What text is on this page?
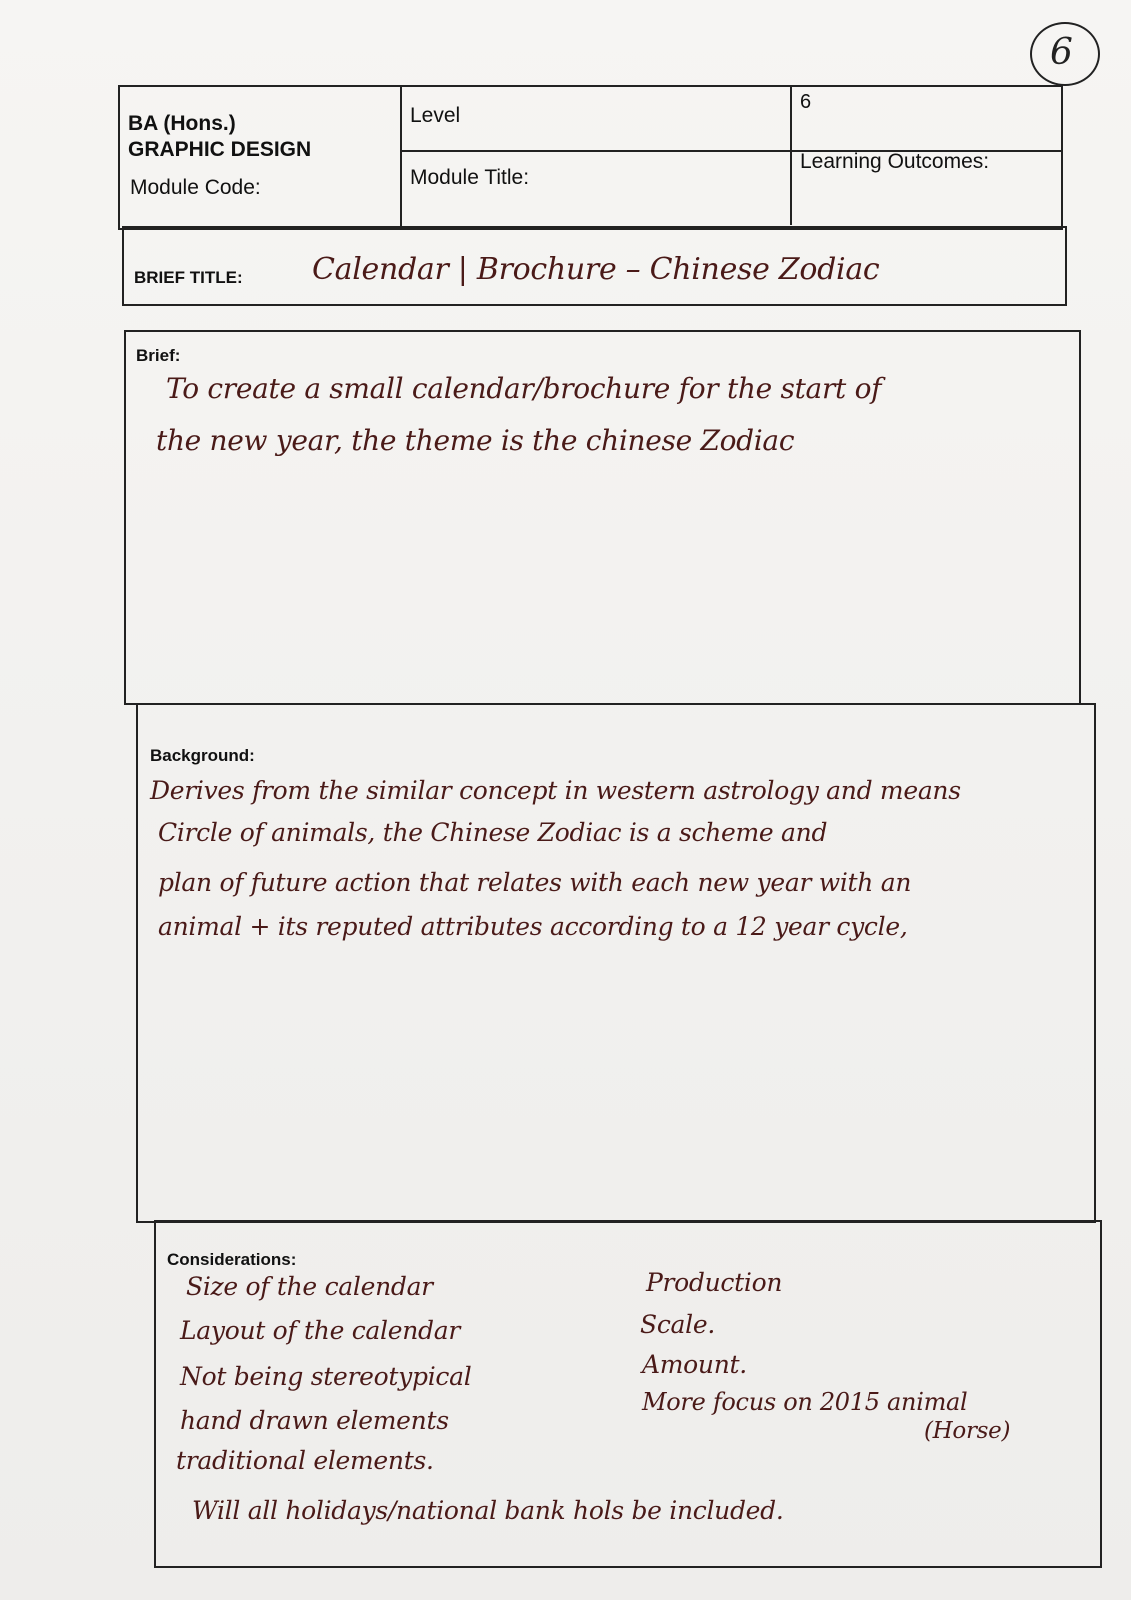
6
BA (Hons.)
GRAPHIC DESIGN
Module Code:
Level
6
Module Title:
Learning Outcomes:
BRIEF TITLE: Calendar | Brochure – Chinese Zodiac
Brief:
To create a small calendar/brochure for the start of
the new year, the theme is the chinese Zodiac
Background:
Derives from the similar concept in western astrology and means
Circle of animals, the Chinese Zodiac is a scheme and
plan of future action that relates with each new year with an
animal + its reputed attributes according to a 12 year cycle,
Considerations:
Size of the calendar
Layout of the calendar
Not being stereotypical
hand drawn elements
traditional elements.
Production
Scale.
Amount.
More focus on 2015 animal
(Horse)
Will all holidays/national bank hols be included.
